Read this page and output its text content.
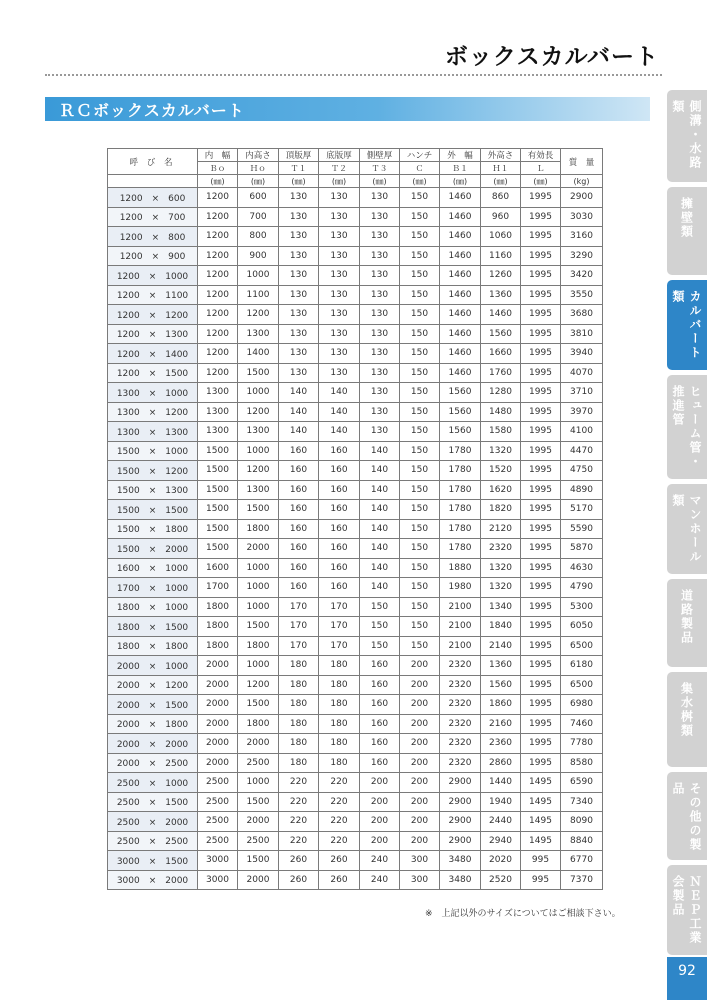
ボックスカルバート
ＲＣボックスカルバート
呼 び 名	内　幅	内高さ	頂版厚	底版厚	側壁厚	ハンチ	外　幅	外高さ	有効長	質　量
	Ｂｏ	Ｈｏ	Ｔ１	Ｔ２	Ｔ３	Ｃ	Ｂ１	Ｈ１	Ｌ	
	(㎜)	(㎜)	(㎜)	(㎜)	(㎜)	(㎜)	(㎜)	(㎜)	(㎜)	(kg)
1200　×　600	1200	600	130	130	130	150	1460	860	1995	2900
1200　×　700	1200	700	130	130	130	150	1460	960	1995	3030
1200　×　800	1200	800	130	130	130	150	1460	1060	1995	3160
1200　×　900	1200	900	130	130	130	150	1460	1160	1995	3290
1200　×　1000	1200	1000	130	130	130	150	1460	1260	1995	3420
1200　×　1100	1200	1100	130	130	130	150	1460	1360	1995	3550
1200　×　1200	1200	1200	130	130	130	150	1460	1460	1995	3680
1200　×　1300	1200	1300	130	130	130	150	1460	1560	1995	3810
1200　×　1400	1200	1400	130	130	130	150	1460	1660	1995	3940
1200　×　1500	1200	1500	130	130	130	150	1460	1760	1995	4070
1300　×　1000	1300	1000	140	140	130	150	1560	1280	1995	3710
1300　×　1200	1300	1200	140	140	130	150	1560	1480	1995	3970
1300　×　1300	1300	1300	140	140	130	150	1560	1580	1995	4100
1500　×　1000	1500	1000	160	160	140	150	1780	1320	1995	4470
1500　×　1200	1500	1200	160	160	140	150	1780	1520	1995	4750
1500　×　1300	1500	1300	160	160	140	150	1780	1620	1995	4890
1500　×　1500	1500	1500	160	160	140	150	1780	1820	1995	5170
1500　×　1800	1500	1800	160	160	140	150	1780	2120	1995	5590
1500　×　2000	1500	2000	160	160	140	150	1780	2320	1995	5870
1600　×　1000	1600	1000	160	160	140	150	1880	1320	1995	4630
1700　×　1000	1700	1000	160	160	140	150	1980	1320	1995	4790
1800　×　1000	1800	1000	170	170	150	150	2100	1340	1995	5300
1800　×　1500	1800	1500	170	170	150	150	2100	1840	1995	6050
1800　×　1800	1800	1800	170	170	150	150	2100	2140	1995	6500
2000　×　1000	2000	1000	180	180	160	200	2320	1360	1995	6180
2000　×　1200	2000	1200	180	180	160	200	2320	1560	1995	6500
2000　×　1500	2000	1500	180	180	160	200	2320	1860	1995	6980
2000　×　1800	2000	1800	180	180	160	200	2320	2160	1995	7460
2000　×　2000	2000	2000	180	180	160	200	2320	2360	1995	7780
2000　×　2500	2000	2500	180	180	160	200	2320	2860	1995	8580
2500　×　1000	2500	1000	220	220	200	200	2900	1440	1495	6590
2500　×　1500	2500	1500	220	220	200	200	2900	1940	1495	7340
2500　×　2000	2500	2000	220	220	200	200	2900	2440	1495	8090
2500　×　2500	2500	2500	220	220	200	200	2900	2940	1495	8840
3000　×　1500	3000	1500	260	260	240	300	3480	2020	995	6770
3000　×　2000	3000	2000	260	260	240	300	3480	2520	995	7370
※　上記以外のサイズについてはご相談下さい。
側溝・水路類
擁壁類
カルバート類
ヒューム管・推進管
マンホール類
道路製品
集水桝類
その他の製品
ＮＥＰ工業会製品
92
